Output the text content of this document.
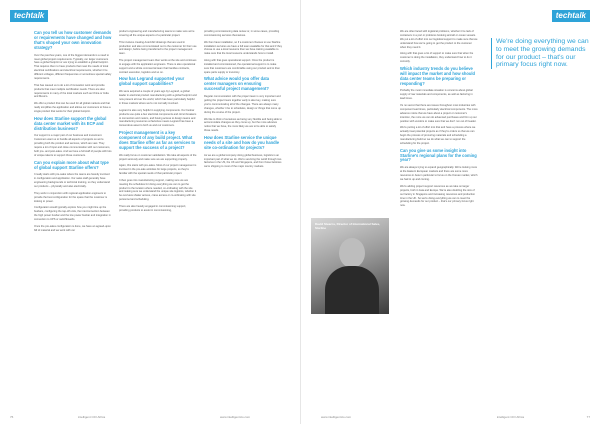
techtalk
Can you tell us how customer demands or requirements have changed and how that's shaped your own innovation strategy?

Over the past few years, one of the biggest demands is a need to meet global project requirements. Typically, our larger customers have a global footprint or are trying to establish a global footprint. That requires them to have products that meet the needs of local electrical certifications and electrical requirements, whether it be different voltages, different frequencies or sometimes special safety requirements.

That has caused us to do a lot of innovation work and provide products that meet multiple certification needs. There are also requirements in many of the local markets such as China or India and Mexico.

We offer a product that can be used for all global markets and that really simplifies the application and allows our customers to have a single product that works for their global footprint.

How does Starline support the global data center market with its ECP and distribution business?

Our support is a major part of our business and investment. Customers want us to handle all aspects of projects so we're providing both the product and services, which are vast. They require a lot of input and close communication with our customers, both pre- and post-sales. And we have a full staff of people with lots of unique talents to support those customers.

Can you explain more about what type of global support Starline offers?

It really starts with pre-sales where the teams are heavily involved in configuration and application. Our sales staff generally have engineering backgrounds or technical training, so they understand our products – physically and also electrically.

They work in conjunction with regional application engineers to provide the best configuration for the space that the customer is looking to power.

Configuration would typically explore how you might line up the busbars, configuring the tap-off units, the interconnection between the high power busbar and the low power busbar and integration in connection to UPS or switchboards.

Once the pre-sales configuration is done, we have an agreed-upon bill of material and we work with our

product engineering and manufacturing teams to make sure we're covering all the unique aspects of a particular project.

This involves creating AutoCAD drawings that are used in production and also communicated out to the customer for their use and design, before being transferred to the project management team.

The project management team then works at the site and continues to engage with the application engineers. There is also operational support and a whole commercial team that handles contracts, contract execution, logistics and so on.

How has Legrand supported your global support capabilities?

We were acquired a couple of years ago by Legrand, a global leader in electrical product manufacturing with a global footprint and now present all over the world, which has been particularly helpful in those markets where we're not normally involved.

Legrand is also very helpful in supplying components. Our busbar products use quite a few electrical components and circuit breakers to connectors and meters, and having access to design teams and manufacturing resources at factories means Legrand has been a tremendous asset to both us and our customers.

Project management is a key component of any build project. What does Starline offer as far as services to support the success of a project?

We really focus on customer satisfaction. We take all aspects of the project seriously and make sure we are supporting properly.

Again, this starts with pre-sales. Most of our project management is involved in the pre-sale activities for large projects, so they're familiar with the special needs of that particular project.

It then goes into manufacturing support, making sure we are meeting the schedules for doing everything we can to get the product to the location where needed, co-ordinating with the site and making sure we understand the unique site logistics, whether it be overview shaker access, crane access or co-ordinating with site personnel and scheduling.

There are also heavily engaged in commissioning support, providing products to assist in commissioning,

providing commissioning data review or, in some cases, providing commissioning services themselves.

We then have installation, so if a customer chooses to use Starline installation services we have a full team available for that and if they choose to use a local resource then we have training available to make sure that the local resource understands how to install.

Along with that goes operational support. Once the product is installed and commissioned, the operational support is to make sure that customers are comfortable using our product and to then spare parts supply or inventory.

What advice would you offer data center managers on ensuring successful project management?

Regular communication with the project team is very important and getting the project team together early is also key, making sure you're communicating all of the changes. There are always many changes, whether it be to schedules, design or things that come up during the course of the project.

We like to think of ourselves as being very flexible and being able to accommodate changes as they come up, but the more advance notice that we have, the more likely we are to be able to satisfy those needs.

How does Starline service the unique needs of a site and how do you handle site co-ordination for projects?

As we are a global company doing global business, logistics is an important part of what we do. We're servicing the world through two factories in the US, the UK and Singapore, and from those factories we're shipping to most of the major country markets.

76	intelligent CIO Africa	www.intelligentcio.com
techtalk
David Stearns, Director of International Sales, Starline

We are often faced with logistical problems, whether it be lack of containers in a port or problems booking aircraft or ocean vessels. We put a lot of effort into our logistical support to make sure that we understand how we're going to get the product to the customer when they need it.

Along with that goes a lot of support to make sure that when the customer is doing the installation, they understand how to do it correctly.

Which industry trends do you believe will impact the market and how should data center teams be preparing or responding?

Probably the most immediate situation is concerns about global supply of raw materials and components, as well as factoring in lead times.

It's no secret that there are issues throughout most industries with component lead times, particularly electrical components. The more advance notice that we have about a project or customer's intention, the more we can do advanced purchases and firm up our position with vendors to make sure that we don't run out of header.

We're putting a lot of effort into that and have a process where we actually treat potential projects as if they're orders so that we can begin the process of procuring materials and scheduling a manufacturing build so we do what we can to support the scheduling for the project.

Can you give us some insight into Starline's regional plans for the coming year?

We are always trying to expand geographically. We're looking more at the Eastern European markets and there are some more resources in Asia in particular to focus on the Korean market, which we had to up and coming.

We're adding project support resources as we take on larger projects, both in Asia and Europe. We're also doubling the size of our factory in Singapore and increasing resources and production time in the UK. So we're doing everything we can to meet the growing demands for our product – that's our primary focus right now.

We're doing everything we can to meet the growing demands for our product – that's our primary focus right now.
77
intelligent CIO Africa
www.intelligentcio.com
